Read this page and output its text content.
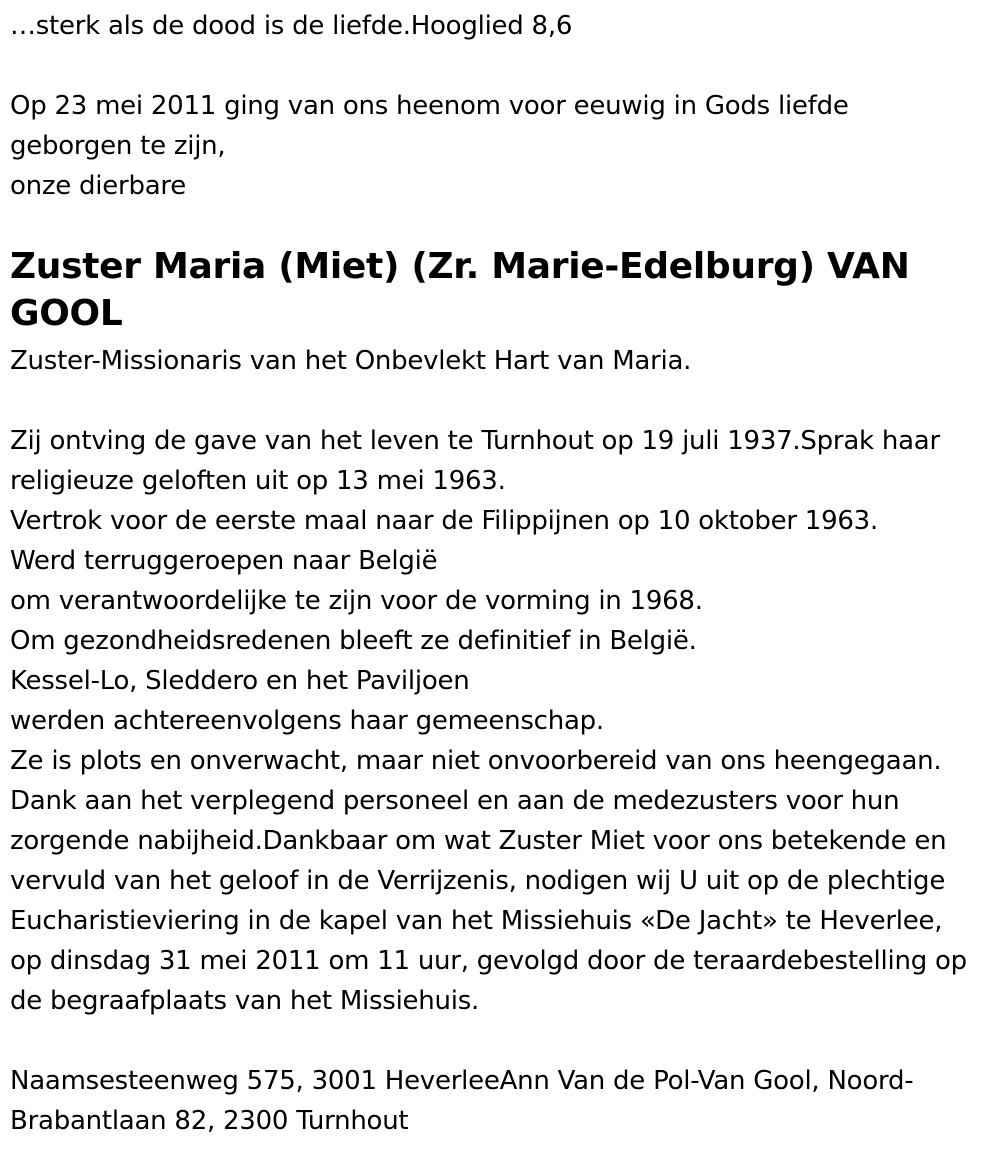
…sterk als de dood is de liefde.Hooglied 8,6
Op 23 mei 2011 ging van ons heenom voor eeuwig in Gods liefde
geborgen te zijn,
onze dierbare
Zuster Maria (Miet) (Zr. Marie-Edelburg) VAN
GOOL
Zuster-Missionaris van het Onbevlekt Hart van Maria.
Zij ontving de gave van het leven te Turnhout op 19 juli 1937.Sprak haar
religieuze geloften uit op 13 mei 1963.
Vertrok voor de eerste maal naar de Filippijnen op 10 oktober 1963.
Werd terruggeroepen naar België
om verantwoordelijke te zijn voor de vorming in 1968.
Om gezondheidsredenen bleeft ze definitief in België.
Kessel-Lo, Sleddero en het Paviljoen
werden achtereenvolgens haar gemeenschap.
Ze is plots en onverwacht, maar niet onvoorbereid van ons heengegaan.
Dank aan het verplegend personeel en aan de medezusters voor hun
zorgende nabijheid.Dankbaar om wat Zuster Miet voor ons betekende en
vervuld van het geloof in de Verrijzenis, nodigen wij U uit op de plechtige
Eucharistieviering in de kapel van het Missiehuis «De Jacht» te Heverlee,
op dinsdag 31 mei 2011 om 11 uur, gevolgd door de teraardebestelling op
de begraafplaats van het Missiehuis.
Naamsesteenweg 575, 3001 HeverleeAnn Van de Pol-Van Gool, Noord-
Brabantlaan 82, 2300 Turnhout
